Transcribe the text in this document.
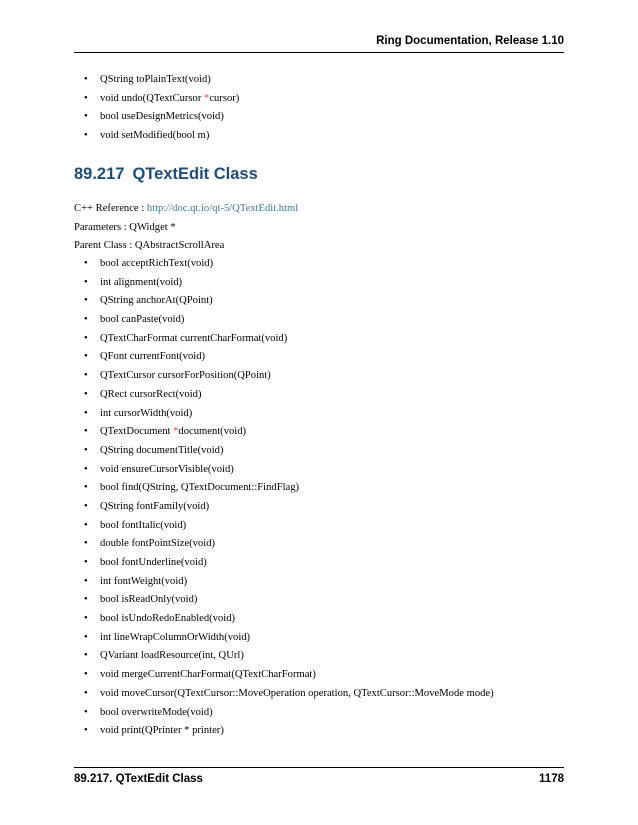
Ring Documentation, Release 1.10
• QString toPlainText(void)
• void undo(QTextCursor *cursor)
• bool useDesignMetrics(void)
• void setModified(bool m)
89.217 QTextEdit Class
C++ Reference : http://doc.qt.io/qt-5/QTextEdit.html
Parameters : QWidget *
Parent Class : QAbstractScrollArea
• bool acceptRichText(void)
• int alignment(void)
• QString anchorAt(QPoint)
• bool canPaste(void)
• QTextCharFormat currentCharFormat(void)
• QFont currentFont(void)
• QTextCursor cursorForPosition(QPoint)
• QRect cursorRect(void)
• int cursorWidth(void)
• QTextDocument *document(void)
• QString documentTitle(void)
• void ensureCursorVisible(void)
• bool find(QString, QTextDocument::FindFlag)
• QString fontFamily(void)
• bool fontItalic(void)
• double fontPointSize(void)
• bool fontUnderline(void)
• int fontWeight(void)
• bool isReadOnly(void)
• bool isUndoRedoEnabled(void)
• int lineWrapColumnOrWidth(void)
• QVariant loadResource(int, QUrl)
• void mergeCurrentCharFormat(QTextCharFormat)
• void moveCursor(QTextCursor::MoveOperation operation, QTextCursor::MoveMode mode)
• bool overwriteMode(void)
• void print(QPrinter * printer)
89.217. QTextEdit Class	1178
